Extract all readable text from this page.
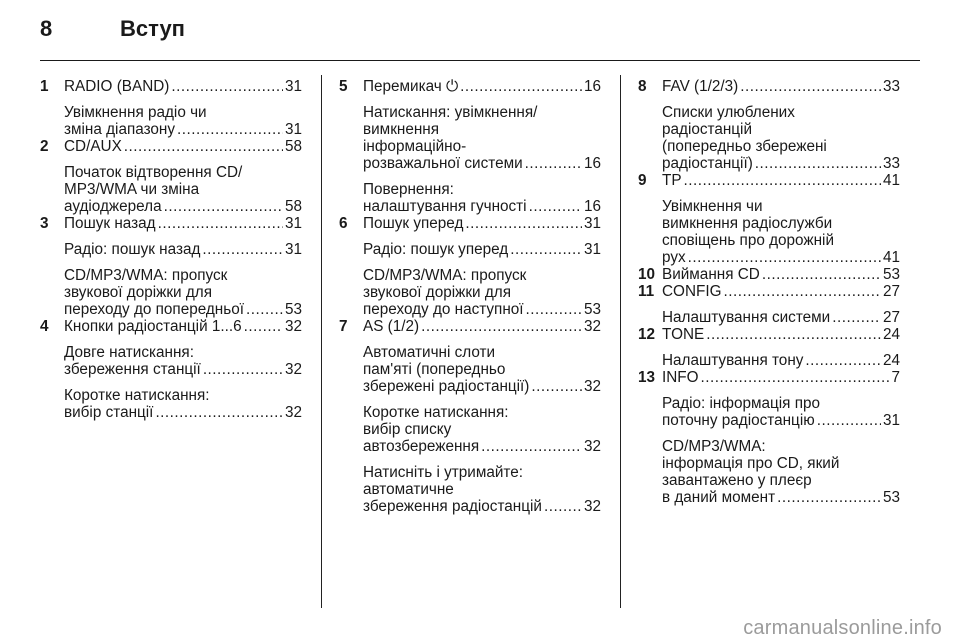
8	Вступ
1 RADIO (BAND) .....	31
Увімкнення радіо чи
зміна діапазону .....	31
2 CD/AUX .....	58
Початок відтворення CD/
MP3/WMA чи зміна
аудіоджерела .....	58
3 Пошук назад .....	31
Радіо: пошук назад .....	31
CD/MP3/WMA: пропуск
звукової доріжки для
переходу до попередньої .....	53
4 Кнопки радіостанцій 1...6 .....	32
Довге натискання:
збереження станції .....	32
Коротке натискання:
вибір станції .....	32
5 Перемикач ⏻ .....	16
Натискання: увімкнення/
вимкнення
інформаційно-
розважальної системи .....	16
Повернення:
налаштування гучності .....	16
6 Пошук уперед .....	31
Радіо: пошук уперед .....	31
CD/MP3/WMA: пропуск
звукової доріжки для
переходу до наступної .....	53
7 AS (1/2) .....	32
Автоматичні слоти
пам'яті (попередньо
збережені радіостанції) .....	32
Коротке натискання:
вибір списку
автозбереження .....	32
Натисніть і утримайте:
автоматичне
збереження радіостанцій .....	32
8 FAV (1/2/3) .....	33
Списки улюблених
радіостанцій
(попередньо збережені
радіостанції) .....	33
9 TP .....	41
Увімкнення чи
вимкнення радіослужби
сповіщень про дорожній
рух .....	41
10 Виймання CD .....	53
11 CONFIG .....	27
Налаштування системи .....	27
12 TONE .....	24
Налаштування тону .....	24
13 INFO .....	7
Радіо: інформація про
поточну радіостанцію .....	31
CD/MP3/WMA:
інформація про CD, який
завантажено у плеєр
в даний момент .....	53
carmanualsonline.info
